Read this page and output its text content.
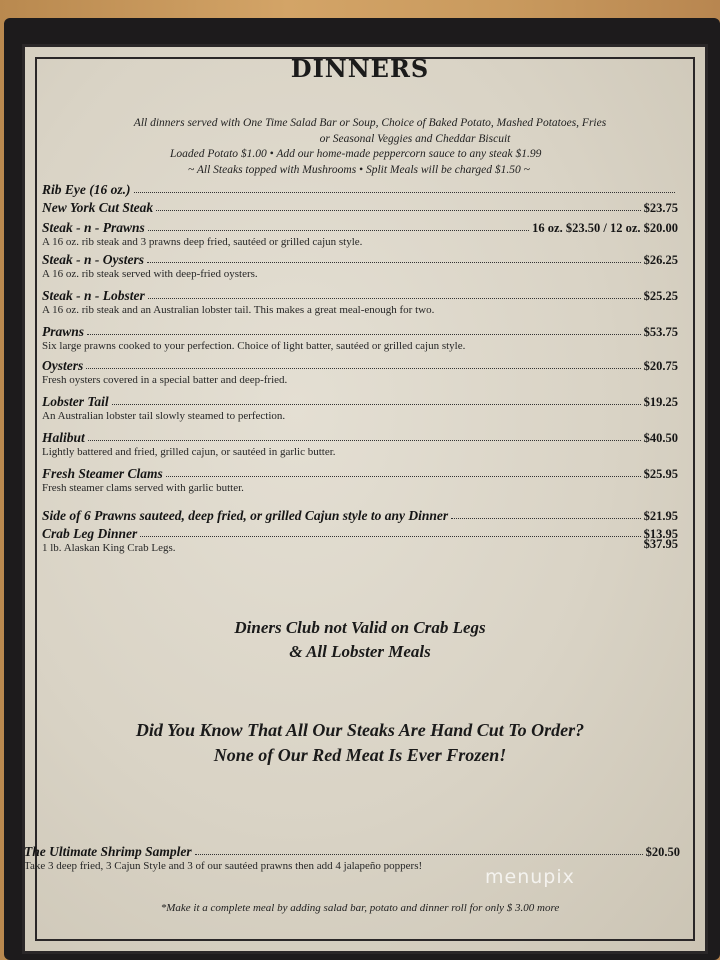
DINNERS
All dinners served with One Time Salad Bar or Soup, Choice of Baked Potato, Mashed Potatoes, Fries
or Seasonal Veggies and Cheddar Biscuit
Loaded Potato $1.00 • Add our home-made peppercorn sauce to any steak $1.99
~ All Steaks topped with Mushrooms • Split Meals will be charged $1.50 ~
Rib Eye (16 oz.)
New York Cut Steak	$23.75
Steak - n - Prawns	16 oz. $23.50 / 12 oz. $20.00
A 16 oz. rib steak and 3 prawns deep fried, sautéed or grilled cajun style.
Steak - n - Oysters	$26.25
A 16 oz. rib steak served with deep-fried oysters.
Steak - n - Lobster	$25.25
A 16 oz. rib steak and an Australian lobster tail. This makes a great meal-enough for two.
Prawns	$53.75
Six large prawns cooked to your perfection. Choice of light batter, sautéed or grilled cajun style.
Oysters	$20.75
Fresh oysters covered in a special batter and deep-fried.
Lobster Tail	$19.25
An Australian lobster tail slowly steamed to perfection.
Halibut	$40.50
Lightly battered and fried, grilled cajun, or sautéed in garlic butter.
Fresh Steamer Clams	$25.95
Fresh steamer clams served with garlic butter.
Side of 6 Prawns sauteed, deep fried, or grilled Cajun style to any Dinner	$21.95
Crab Leg Dinner	$13.95
1 lb. Alaskan King Crab Legs.	$37.95
Diners Club not Valid on Crab Legs
& All Lobster Meals
Did You Know That All Our Steaks Are Hand Cut To Order?
None of Our Red Meat Is Ever Frozen!
The Ultimate Shrimp Sampler	$20.50
Take 3 deep fried, 3 Cajun Style and 3 of our sautéed prawns then add 4 jalapeño poppers!
*Make it a complete meal by adding salad bar, potato and dinner roll for only $ 3.00 more
menupix
